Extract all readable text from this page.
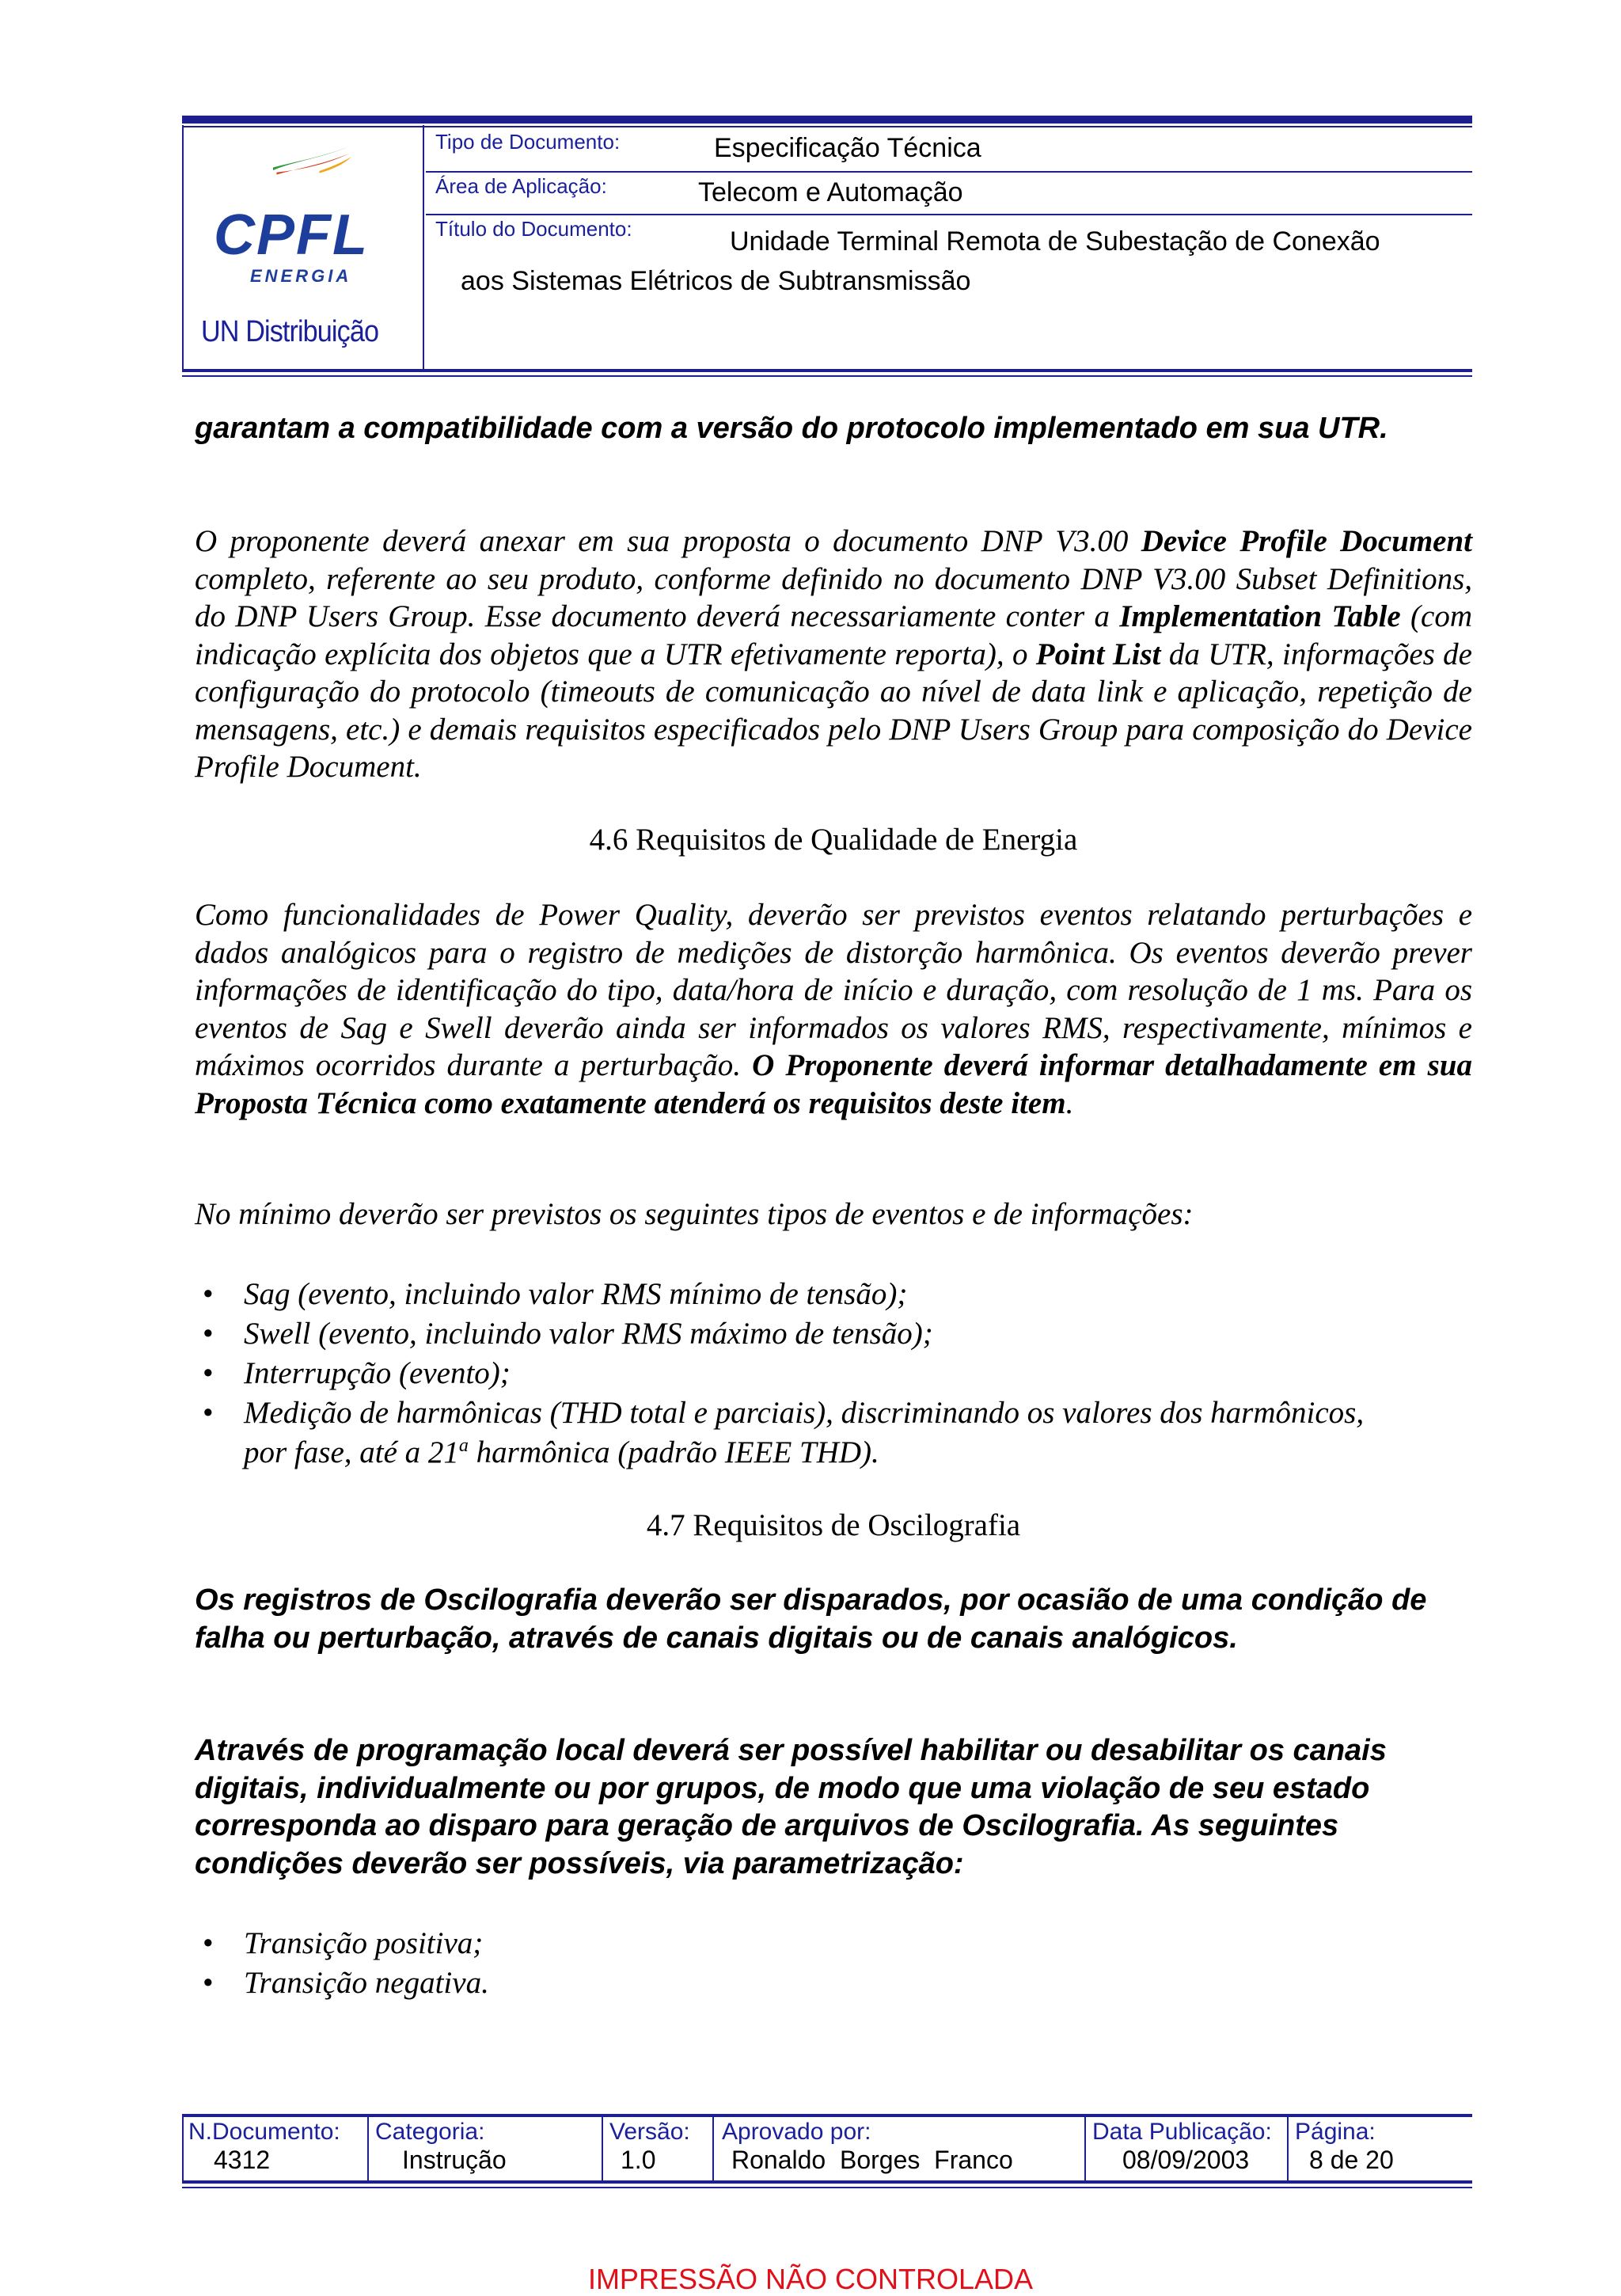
CPFL
ENERGIA
UN Distribuição
Tipo de Documento:	Especificação Técnica
Área de Aplicação:	Telecom e Automação
Título do Documento:	Unidade Terminal Remota de Subestação de Conexão
aos Sistemas Elétricos de Subtransmissão

garantam a compatibilidade com a versão do protocolo implementado em sua UTR.

O proponente deverá anexar em sua proposta o documento DNP V3.00 Device Profile Document completo, referente ao seu produto, conforme definido no documento DNP V3.00 Subset Definitions, do DNP Users Group. Esse documento deverá necessariamente conter a Implementation Table (com indicação explícita dos objetos que a UTR efetivamente reporta), o Point List da UTR, informações de configuração do protocolo (timeouts de comunicação ao nível de data link e aplicação, repetição de mensagens, etc.) e demais requisitos especificados pelo DNP Users Group para composição do Device Profile Document.

4.6 Requisitos de Qualidade de Energia

Como funcionalidades de Power Quality, deverão ser previstos eventos relatando perturbações e dados analógicos para o registro de medições de distorção harmônica. Os eventos deverão prever informações de identificação do tipo, data/hora de início e duração, com resolução de 1 ms. Para os eventos de Sag e Swell deverão ainda ser informados os valores RMS, respectivamente, mínimos e máximos ocorridos durante a perturbação. O Proponente deverá informar detalhadamente em sua Proposta Técnica como exatamente atenderá os requisitos deste item.

No mínimo deverão ser previstos os seguintes tipos de eventos e de informações:

• Sag (evento, incluindo valor RMS mínimo de tensão);
• Swell (evento, incluindo valor RMS máximo de tensão);
• Interrupção (evento);
• Medição de harmônicas (THD total e parciais), discriminando os valores dos harmônicos,
por fase, até a 21$^a$ harmônica (padrão IEEE THD).
4.7 Requisitos de Oscilografia

Os registros de Oscilografia deverão ser disparados, por ocasião de uma condição de falha ou perturbação, através de canais digitais ou de canais analógicos.

Através de programação local deverá ser possível habilitar ou desabilitar os canais digitais, individualmente ou por grupos, de modo que uma violação de seu estado corresponda ao disparo para geração de arquivos de Oscilografia. As seguintes condições deverão ser possíveis, via parametrização:

• Transição positiva;
• Transição negativa.
N.Documento:
4312
Categoria:
Instrução
Versão:
1.0
Aprovado por:
Ronaldo  Borges  Franco
Data Publicação:
08/09/2003
Página:
8 de 20
IMPRESSÃO NÃO CONTROLADA
